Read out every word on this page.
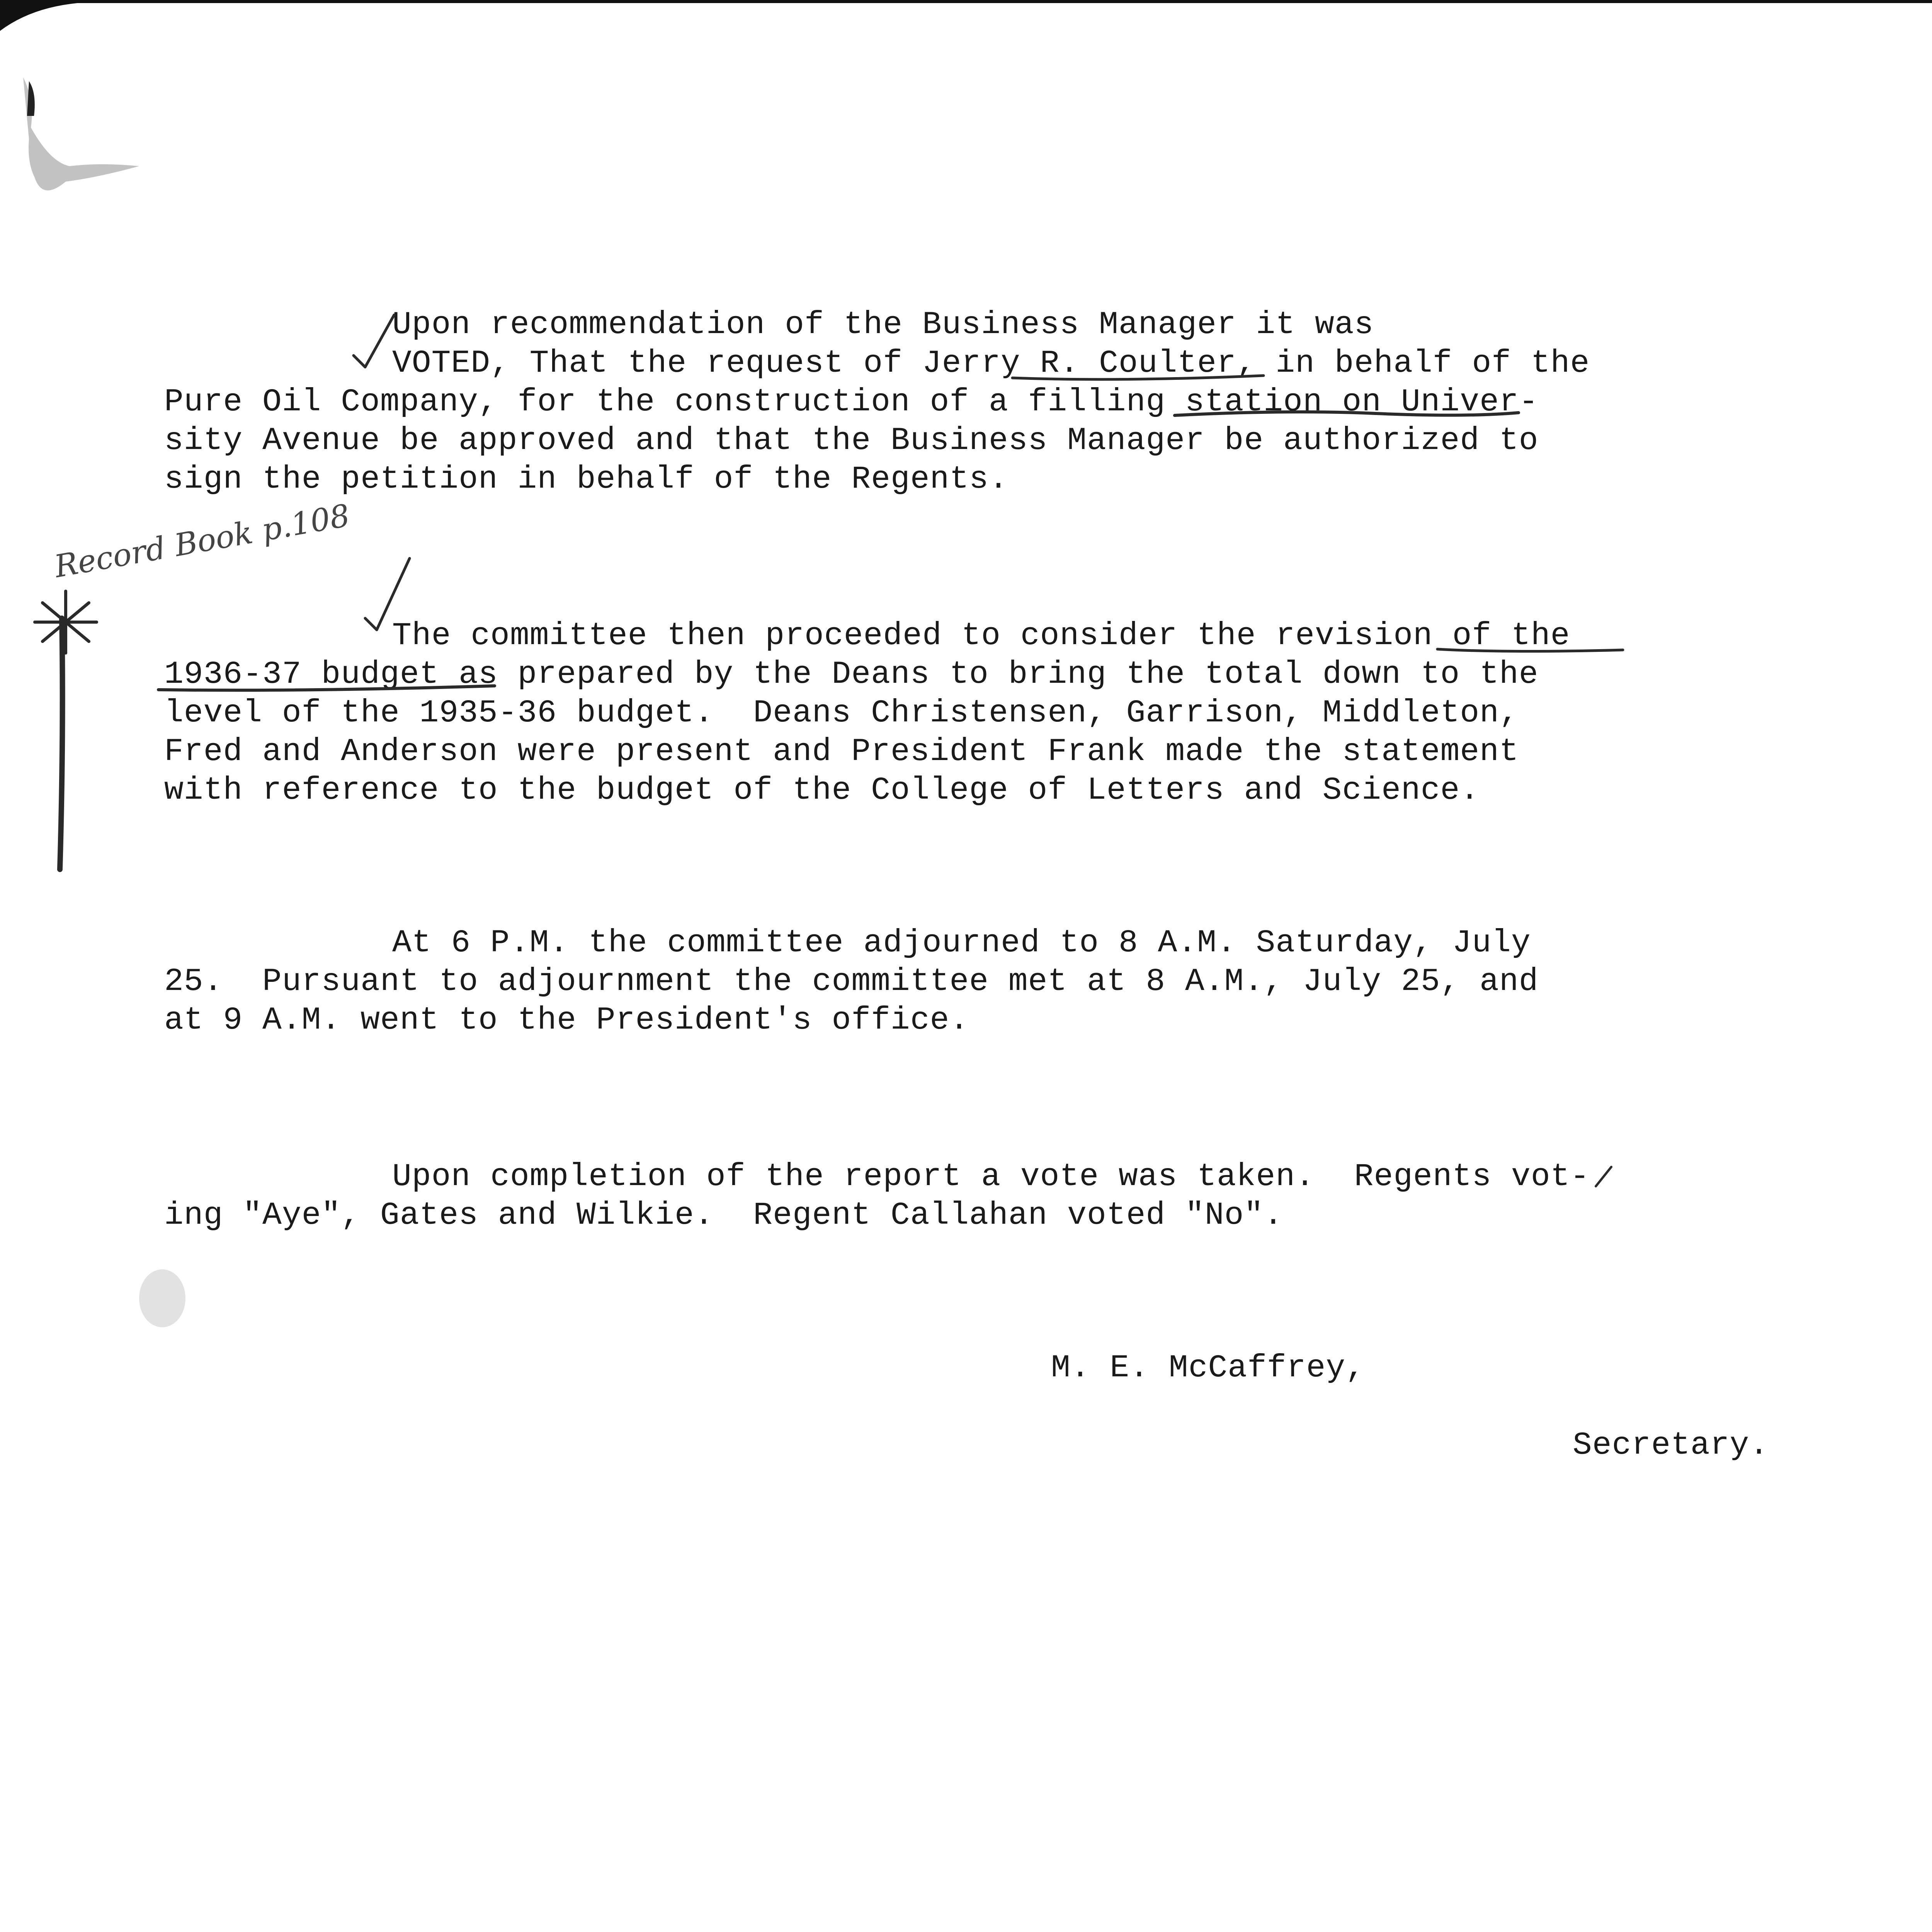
Upon recommendation of the Business Manager it was

VOTED, That the request of Jerry R. Coulter, in behalf of the

Pure Oil Company, for the construction of a filling station on Univer-

sity Avenue be approved and that the Business Manager be authorized to

sign the petition in behalf of the Regents.

The committee then proceeded to consider the revision of the

1936-37 budget as prepared by the Deans to bring the total down to the

level of the 1935-36 budget.  Deans Christensen, Garrison, Middleton,

Fred and Anderson were present and President Frank made the statement

with reference to the budget of the College of Letters and Science.

At 6 P.M. the committee adjourned to 8 A.M. Saturday, July

25.  Pursuant to adjournment the committee met at 8 A.M., July 25, and

at 9 A.M. went to the President's office.

Upon completion of the report a vote was taken.  Regents vot-

ing "Aye", Gates and Wilkie.  Regent Callahan voted "No".

M. E. McCaffrey,

Secretary.

Record Book p.108
